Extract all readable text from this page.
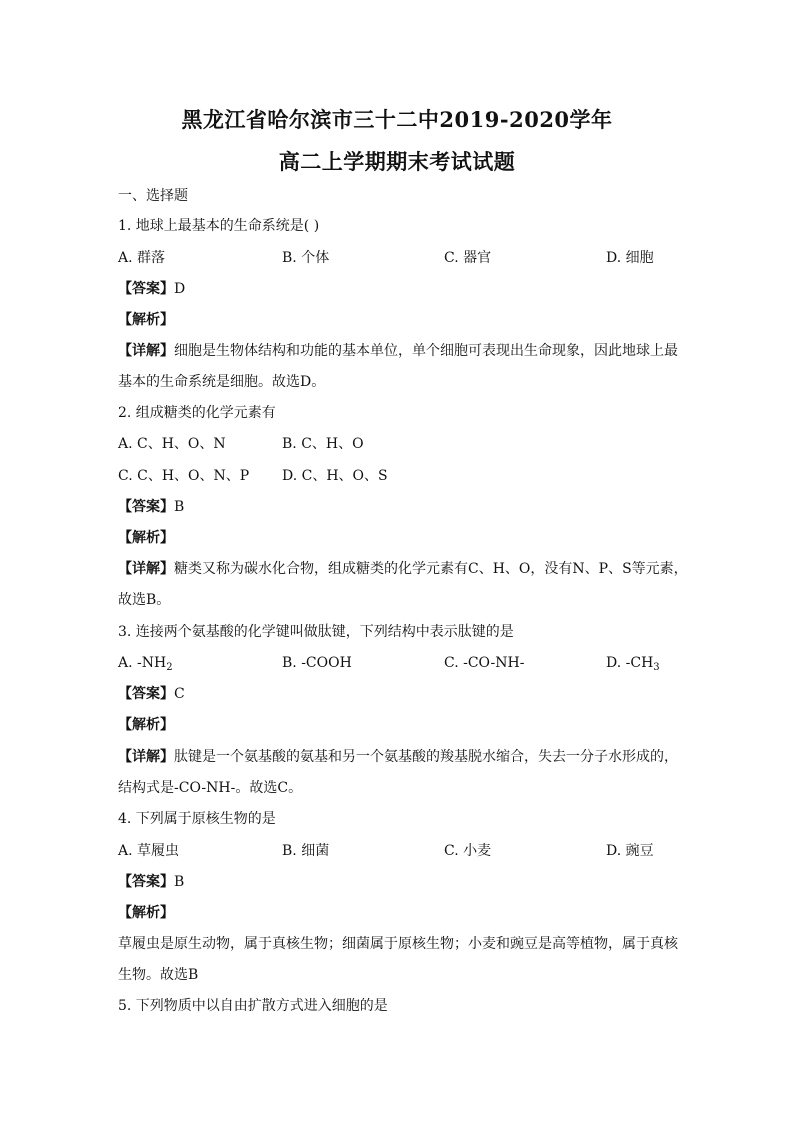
黑龙江省哈尔滨市三十二中2019-2020学年
高二上学期期末考试试题
一、选择题
1. 地球上最基本的生命系统是( )
A. 群落	B. 个体	C. 器官	D. 细胞
【答案】D
【解析】
【详解】细胞是生物体结构和功能的基本单位，单个细胞可表现出生命现象，因此地球上最
基本的生命系统是细胞。故选D。
2. 组成糖类的化学元素有
A. C、H、O、N	B. C、H、O
C. C、H、O、N、P D. C、H、O、S
【答案】B
【解析】
【详解】糖类又称为碳水化合物，组成糖类的化学元素有C、H、O，没有N、P、S等元素，
故选B。
3. 连接两个氨基酸的化学键叫做肽键，下列结构中表示肽键的是
A. $-NH_2$	B. -COOH	C. -CO-NH-	D. $-CH_3$
【答案】C
【解析】
【详解】肽键是一个氨基酸的氨基和另一个氨基酸的羧基脱水缩合，失去一分子水形成的，
结构式是-CO-NH-。故选C。
4. 下列属于原核生物的是
A. 草履虫	B. 细菌	C. 小麦	D. 豌豆
【答案】B
【解析】
草履虫是原生动物，属于真核生物；细菌属于原核生物；小麦和豌豆是高等植物，属于真核
生物。故选B
5. 下列物质中以自由扩散方式进入细胞的是
